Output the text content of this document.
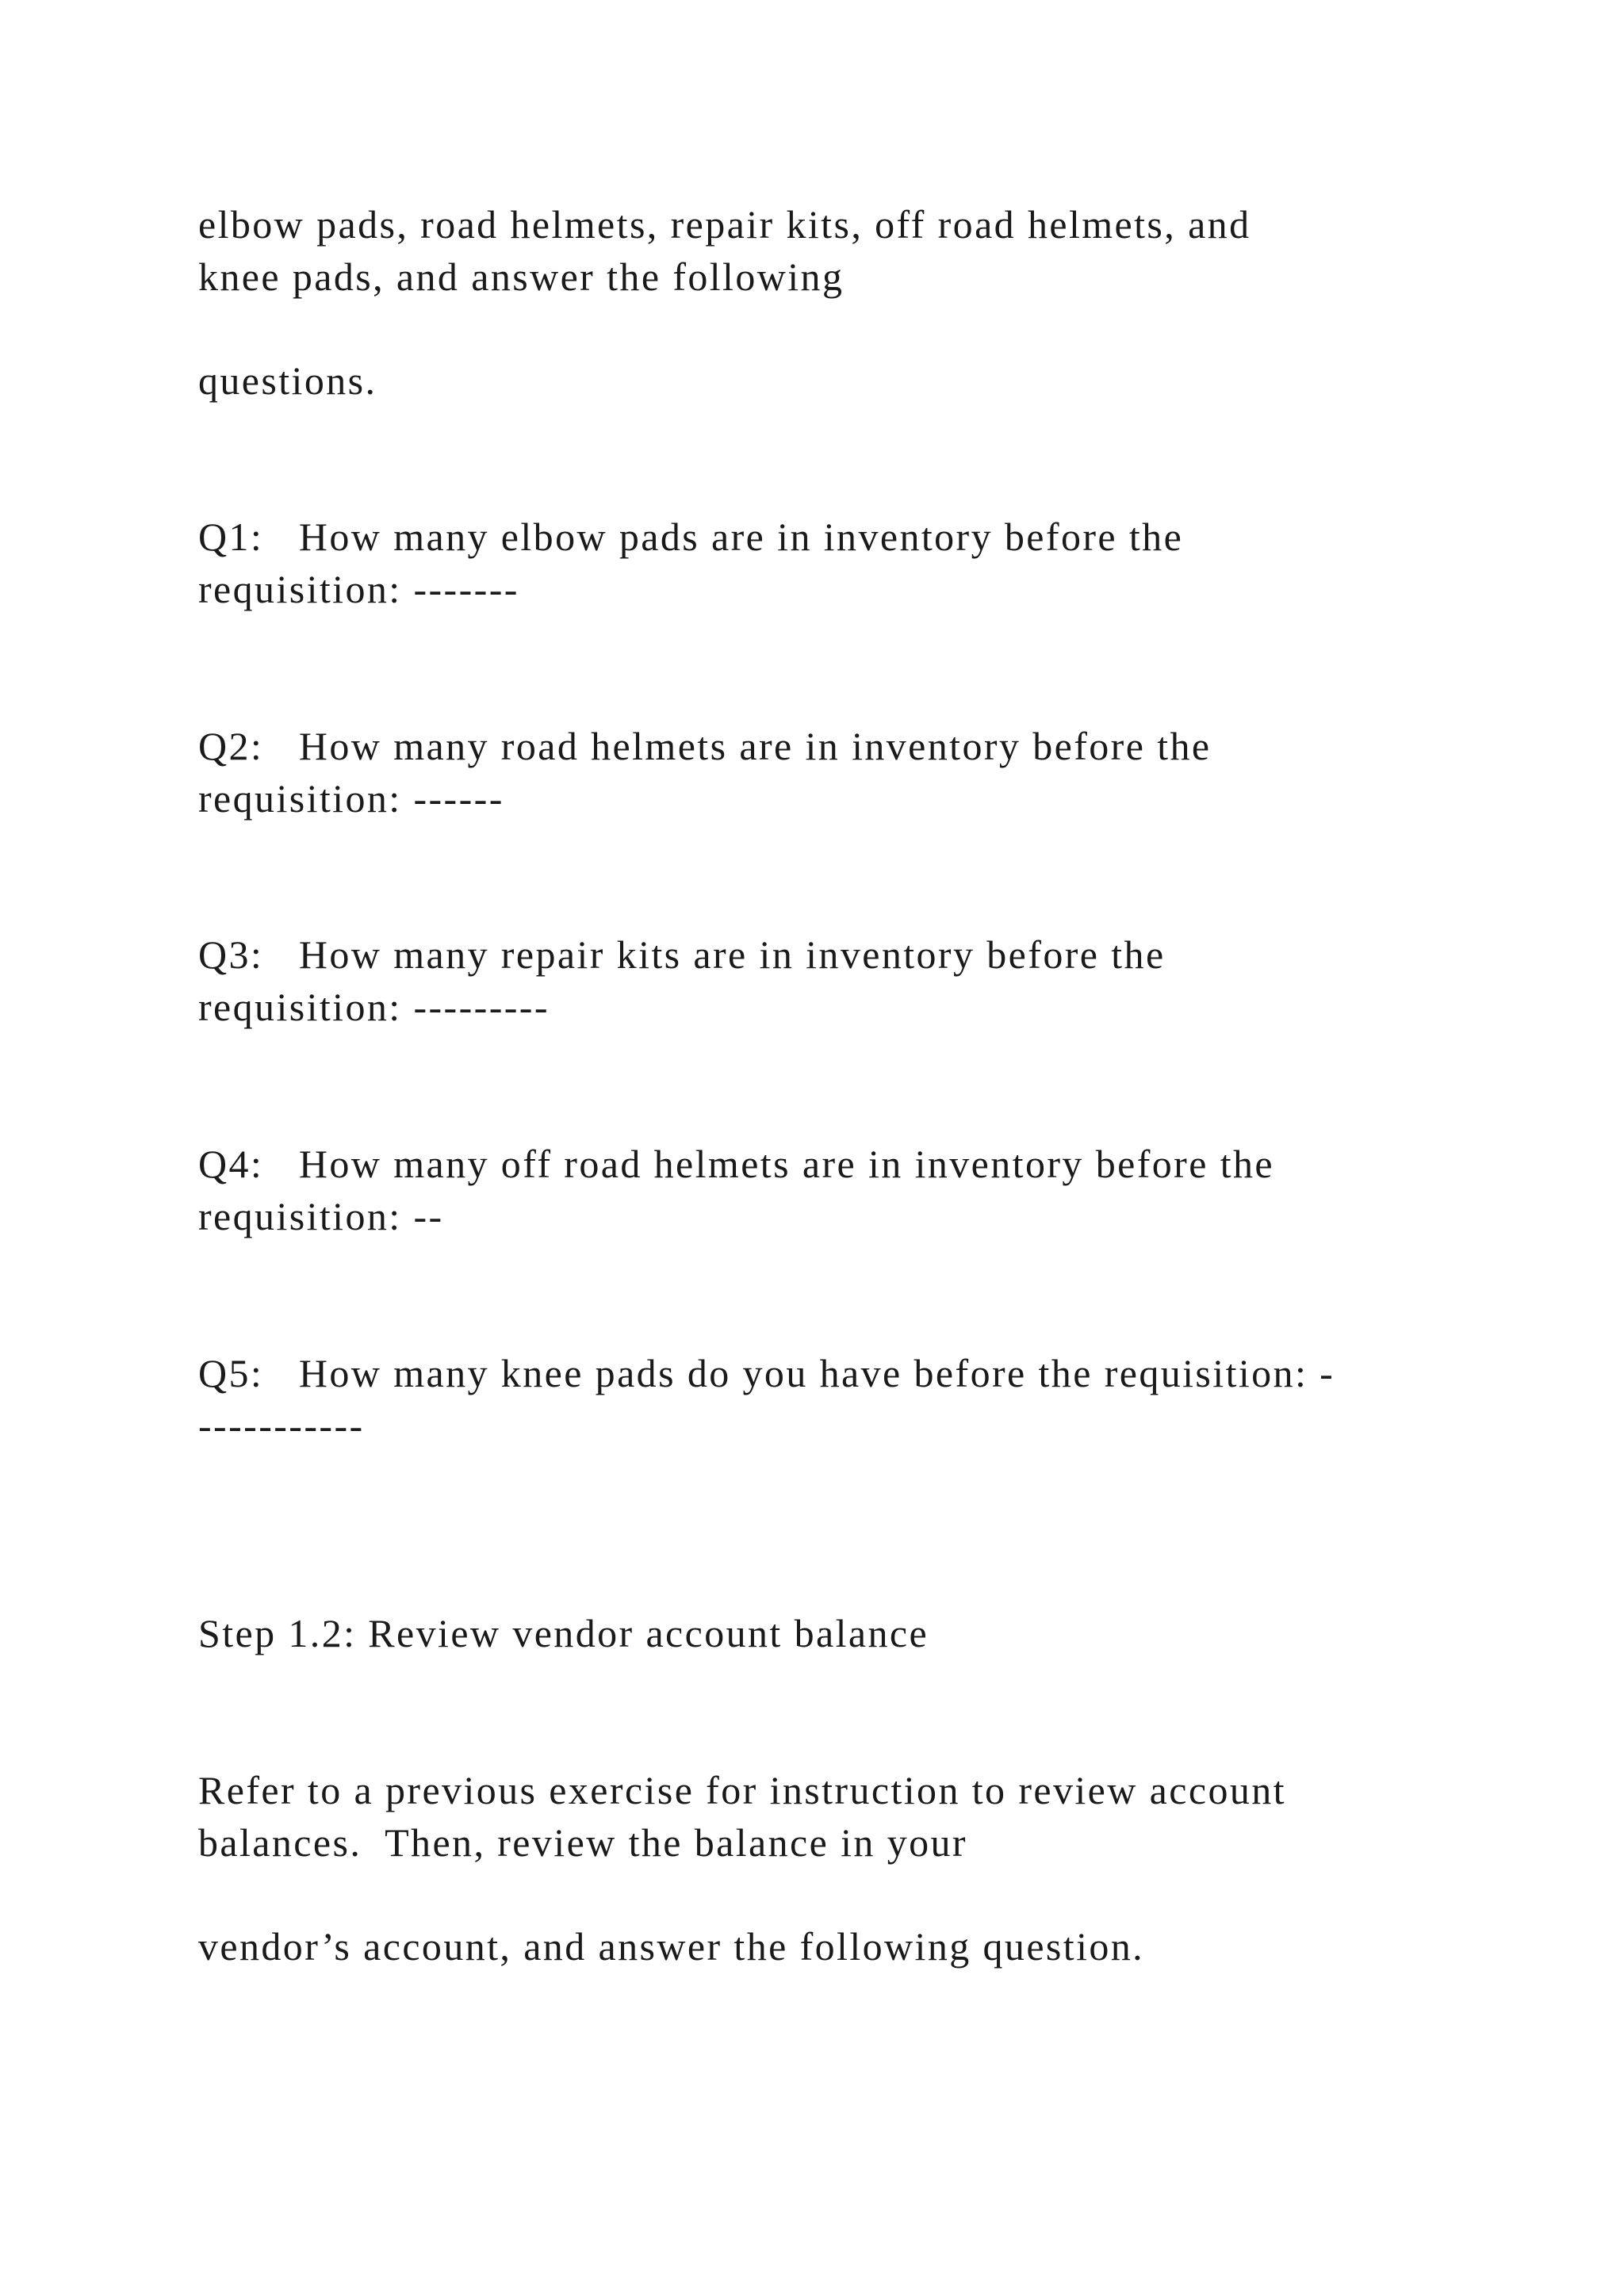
elbow pads, road helmets, repair kits, off road helmets, and

knee pads, and answer the following

questions.

Q1:   How many elbow pads are in inventory before the

requisition: -------

Q2:   How many road helmets are in inventory before the

requisition: ------

Q3:   How many repair kits are in inventory before the

requisition: ---------

Q4:   How many off road helmets are in inventory before the

requisition: --

Q5:   How many knee pads do you have before the requisition: -

-----------

Step 1.2: Review vendor account balance

Refer to a previous exercise for instruction to review account

balances.  Then, review the balance in your

vendor’s account, and answer the following question.
